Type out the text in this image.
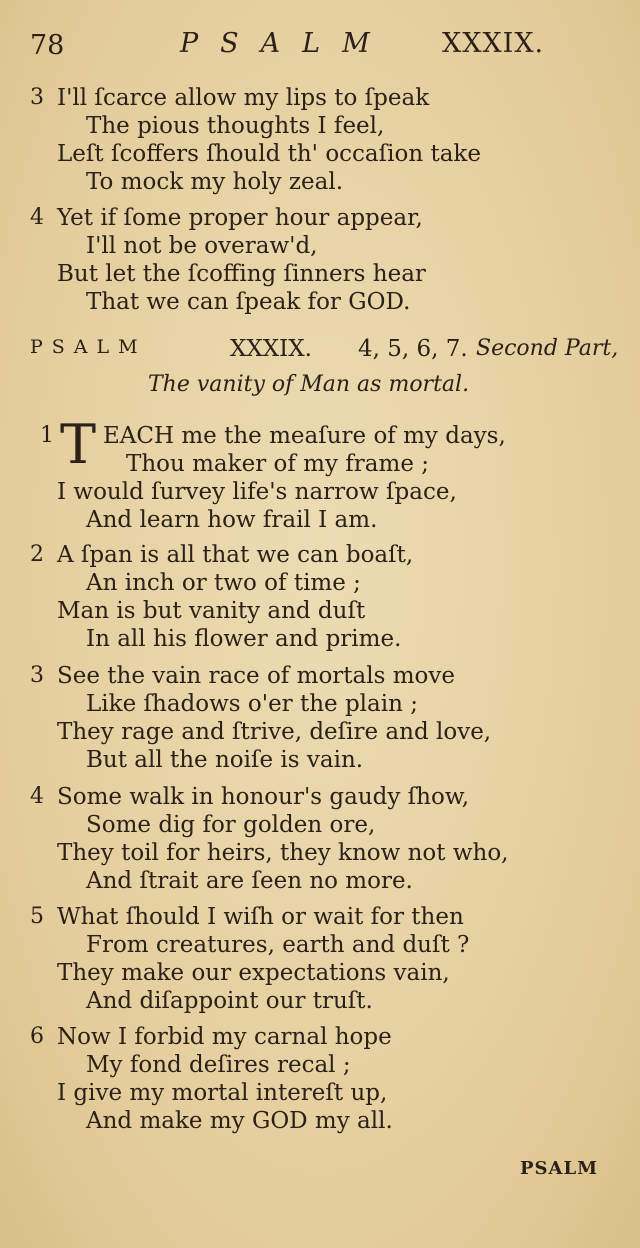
78	PSALM XXXIX.
3 I'll ſcarce allow my lips to ſpeak
The pious thoughts I feel,
Leſt ſcoffers ſhould th' occaſion take
To mock my holy zeal.
4 Yet if ſome proper hour appear,
I'll not be overaw'd,
But let the ſcoffing ſinners hear
That we can ſpeak for GOD.
PSALM	XXXIX. 4, 5, 6, 7. Second Part,
The vanity of Man as mortal.
1 T EACH me the meaſure of my days,
Thou maker of my frame ;
I would ſurvey life's narrow ſpace,
And learn how frail I am.
2 A ſpan is all that we can boaſt,
An inch or two of time ;
Man is but vanity and duſt
In all his flower and prime.
3 See the vain race of mortals move
Like ſhadows o'er the plain ;
They rage and ſtrive, deſire and love,
But all the noiſe is vain.
4 Some walk in honour's gaudy ſhow,
Some dig for golden ore,
They toil for heirs, they know not who,
And ſtrait are ſeen no more.
5 What ſhould I wiſh or wait for then
From creatures, earth and duſt ?
They make our expectations vain,
And diſappoint our truſt.
6 Now I forbid my carnal hope
My fond deſires recal ;
I give my mortal intereſt up,
And make my GOD my all.
PSALM
